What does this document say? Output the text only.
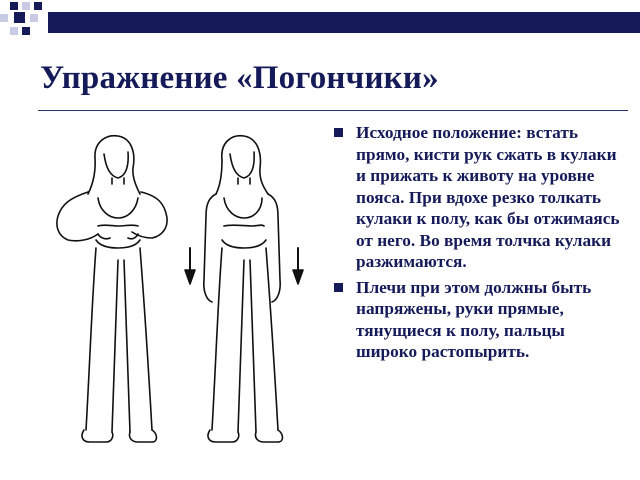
Упражнение «Погончики»

Исходное положение: встать прямо, кисти рук сжать в кулаки и прижать к животу на уровне пояса. При вдохе резко толкать кулаки к полу, как бы отжимаясь от него. Во время толчка кулаки разжимаются.

Плечи при этом должны быть напряжены, руки прямые, тянущиеся к полу, пальцы широко растопырить.
